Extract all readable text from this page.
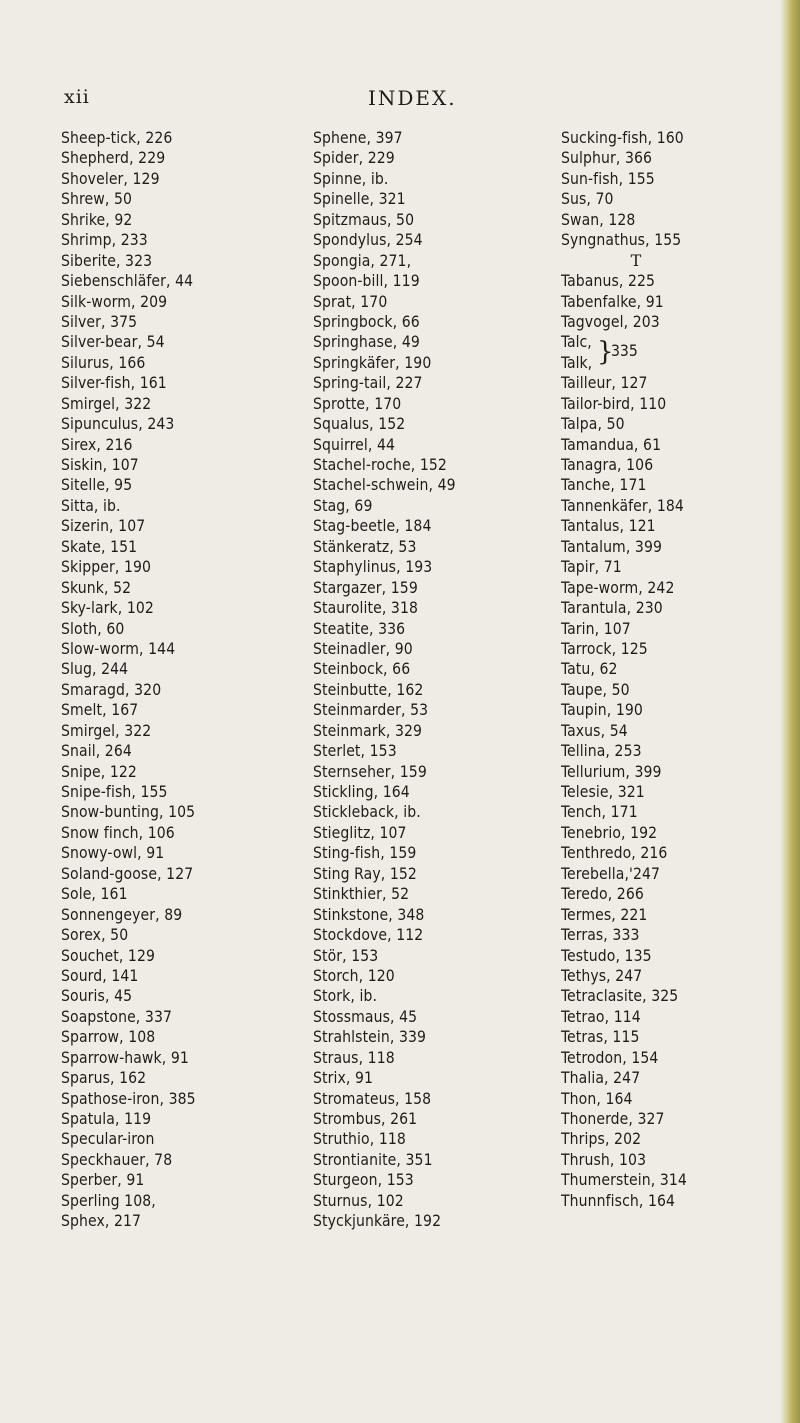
xii	INDEX.
Sheep-tick, 226
Shepherd, 229
Shoveler, 129
Shrew, 50
Shrike, 92
Shrimp, 233
Siberite, 323
Siebenschläfer, 44
Silk-worm, 209
Silver, 375
Silver-bear, 54
Silurus, 166
Silver-fish, 161
Smirgel, 322
Sipunculus, 243
Sirex, 216
Siskin, 107
Sitelle, 95
Sitta, ib.
Sizerin, 107
Skate, 151
Skipper, 190
Skunk, 52
Sky-lark, 102
Sloth, 60
Slow-worm, 144
Slug, 244
Smaragd, 320
Smelt, 167
Smirgel, 322
Snail, 264
Snipe, 122
Snipe-fish, 155
Snow-bunting, 105
Snow finch, 106
Snowy-owl, 91
Soland-goose, 127
Sole, 161
Sonnengeyer, 89
Sorex, 50
Souchet, 129
Sourd, 141
Souris, 45
Soapstone, 337
Sparrow, 108
Sparrow-hawk, 91
Sparus, 162
Spathose-iron, 385
Spatula, 119
Specular-iron
Speckhauer, 78
Sperber, 91
Sperling 108,
Sphex, 217
Sphene, 397
Spider, 229
Spinne, ib.
Spinelle, 321
Spitzmaus, 50
Spondylus, 254
Spongia, 271,
Spoon-bill, 119
Sprat, 170
Springbock, 66
Springhase, 49
Springkäfer, 190
Spring-tail, 227
Sprotte, 170
Squalus, 152
Squirrel, 44
Stachel-roche, 152
Stachel-schwein, 49
Stag, 69
Stag-beetle, 184
Stänkeratz, 53
Staphylinus, 193
Stargazer, 159
Staurolite, 318
Steatite, 336
Steinadler, 90
Steinbock, 66
Steinbutte, 162
Steinmarder, 53
Steinmark, 329
Sterlet, 153
Sternseher, 159
Stickling, 164
Stickleback, ib.
Stieglitz, 107
Sting-fish, 159
Sting Ray, 152
Stinkthier, 52
Stinkstone, 348
Stockdove, 112
Stör, 153
Storch, 120
Stork, ib.
Stossmaus, 45
Strahlstein, 339
Straus, 118
Strix, 91
Stromateus, 158
Strombus, 261
Struthio, 118
Strontianite, 351
Sturgeon, 153
Sturnus, 102
Styckjunkäre, 192
Sucking-fish, 160
Sulphur, 366
Sun-fish, 155
Sus, 70
Swan, 128
Syngnathus, 155
T
Tabanus, 225
Tabenfalke, 91
Tagvogel, 203
Talc,
Talk, }
335
Tailleur, 127
Tailor-bird, 110
Talpa, 50
Tamandua, 61
Tanagra, 106
Tanche, 171
Tannenkäfer, 184
Tantalus, 121
Tantalum, 399
Tapir, 71
Tape-worm, 242
Tarantula, 230
Tarin, 107
Tarrock, 125
Tatu, 62
Taupe, 50
Taupin, 190
Taxus, 54
Tellina, 253
Tellurium, 399
Telesie, 321
Tench, 171
Tenebrio, 192
Tenthredo, 216
Terebella,'247
Teredo, 266
Termes, 221
Terras, 333
Testudo, 135
Tethys, 247
Tetraclasite, 325
Tetrao, 114
Tetras, 115
Tetrodon, 154
Thalia, 247
Thon, 164
Thonerde, 327
Thrips, 202
Thrush, 103
Thumerstein, 314
Thunnfisch, 164
